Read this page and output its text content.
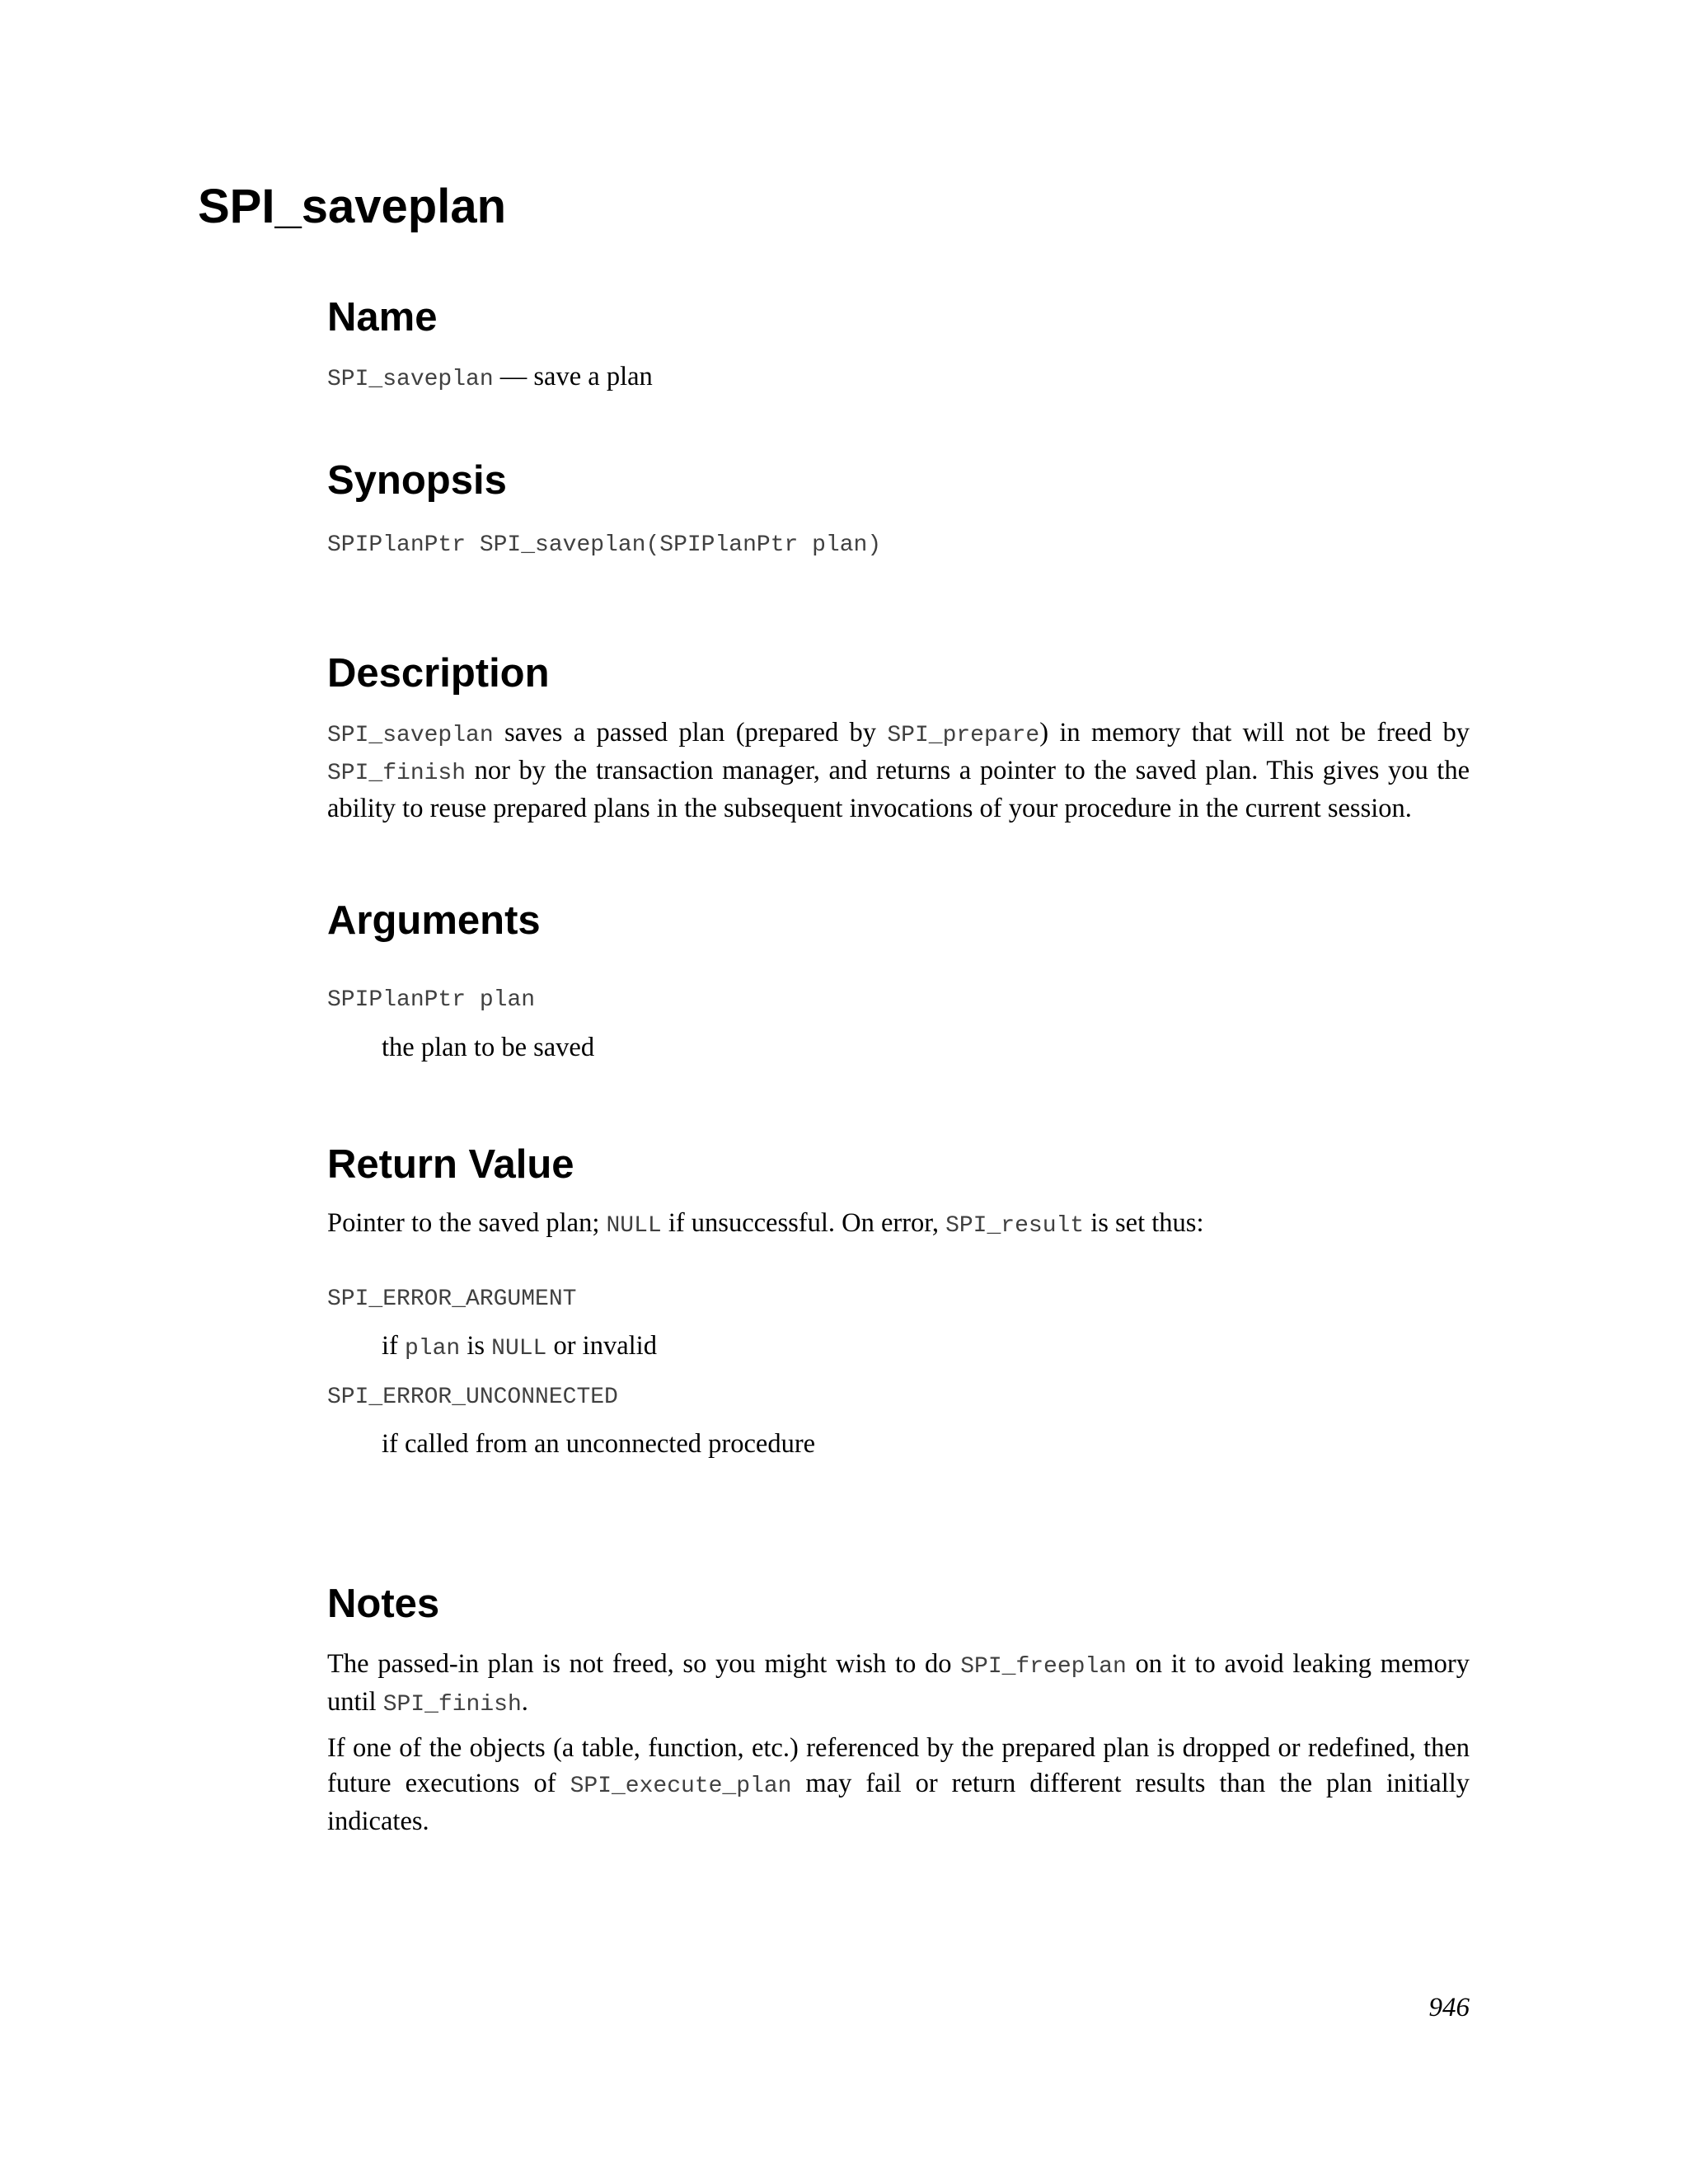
SPI_saveplan
Name

SPI_saveplan — save a plan

Synopsis

SPIPlanPtr SPI_saveplan(SPIPlanPtr plan)

Description

SPI_saveplan saves a passed plan (prepared by SPI_prepare) in memory that will not be freed by SPI_finish nor by the transaction manager, and returns a pointer to the saved plan. This gives you the ability to reuse prepared plans in the subsequent invocations of your procedure in the current session.

Arguments

SPIPlanPtr plan

the plan to be saved

Return Value

Pointer to the saved plan; NULL if unsuccessful. On error, SPI_result is set thus:

SPI_ERROR_ARGUMENT

if plan is NULL or invalid

SPI_ERROR_UNCONNECTED

if called from an unconnected procedure

Notes

The passed-in plan is not freed, so you might wish to do SPI_freeplan on it to avoid leaking memory until SPI_finish.

If one of the objects (a table, function, etc.) referenced by the prepared plan is dropped or redefined, then future executions of SPI_execute_plan may fail or return different results than the plan initially indicates.

946
